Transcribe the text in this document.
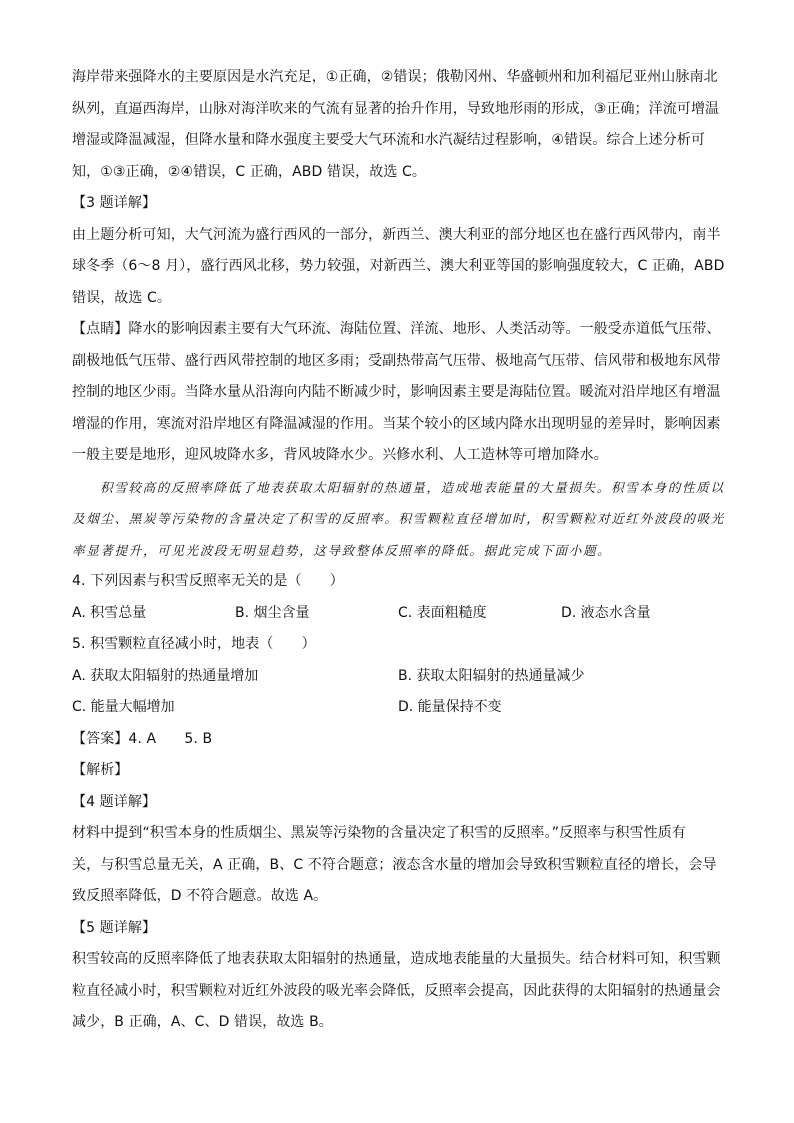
海岸带来强降水的主要原因是水汽充足，①正确，②错误；俄勒冈州、华盛顿州和加利福尼亚州山脉南北

纵列，直逼西海岸，山脉对海洋吹来的气流有显著的抬升作用，导致地形雨的形成，③正确；洋流可增温

增湿或降温减湿，但降水量和降水强度主要受大气环流和水汽凝结过程影响，④错误。综合上述分析可

知，①③正确，②④错误，C 正确，ABD 错误，故选 C。

【3 题详解】

由上题分析可知，大气河流为盛行西风的一部分，新西兰、澳大利亚的部分地区也在盛行西风带内，南半

球冬季（6～8 月），盛行西风北移，势力较强，对新西兰、澳大利亚等国的影响强度较大，C 正确，ABD

错误，故选 C。

【点睛】降水的影响因素主要有大气环流、海陆位置、洋流、地形、人类活动等。一般受赤道低气压带、

副极地低气压带、盛行西风带控制的地区多雨；受副热带高气压带、极地高气压带、信风带和极地东风带

控制的地区少雨。当降水量从沿海向内陆不断减少时，影响因素主要是海陆位置。暖流对沿岸地区有增温

增湿的作用，寒流对沿岸地区有降温减湿的作用。当某个较小的区域内降水出现明显的差异时，影响因素

一般主要是地形，迎风坡降水多，背风坡降水少。兴修水利、人工造林等可增加降水。

积雪较高的反照率降低了地表获取太阳辐射的热通量，造成地表能量的大量损失。积雪本身的性质以

及烟尘、黑炭等污染物的含量决定了积雪的反照率。积雪颗粒直径增加时，积雪颗粒对近红外波段的吸光

率显著提升，可见光波段无明显趋势，这导致整体反照率的降低。据此完成下面小题。

4. 下列因素与积雪反照率无关的是（　　）

A. 积雪总量	B. 烟尘含量	C. 表面粗糙度	D. 液态水含量

5. 积雪颗粒直径减小时，地表（　　）

A. 获取太阳辐射的热通量增加	B. 获取太阳辐射的热通量减少
C. 能量大幅增加	D. 能量保持不变

【答案】4. A　　5. B

【解析】

【4 题详解】

材料中提到“积雪本身的性质烟尘、黑炭等污染物的含量决定了积雪的反照率。”反照率与积雪性质有

关，与积雪总量无关，A 正确，B、C 不符合题意；液态含水量的增加会导致积雪颗粒直径的增长，会导

致反照率降低，D 不符合题意。故选 A。

【5 题详解】

积雪较高的反照率降低了地表获取太阳辐射的热通量，造成地表能量的大量损失。结合材料可知，积雪颗

粒直径减小时，积雪颗粒对近红外波段的吸光率会降低，反照率会提高，因此获得的太阳辐射的热通量会

减少，B 正确，A、C、D 错误，故选 B。
